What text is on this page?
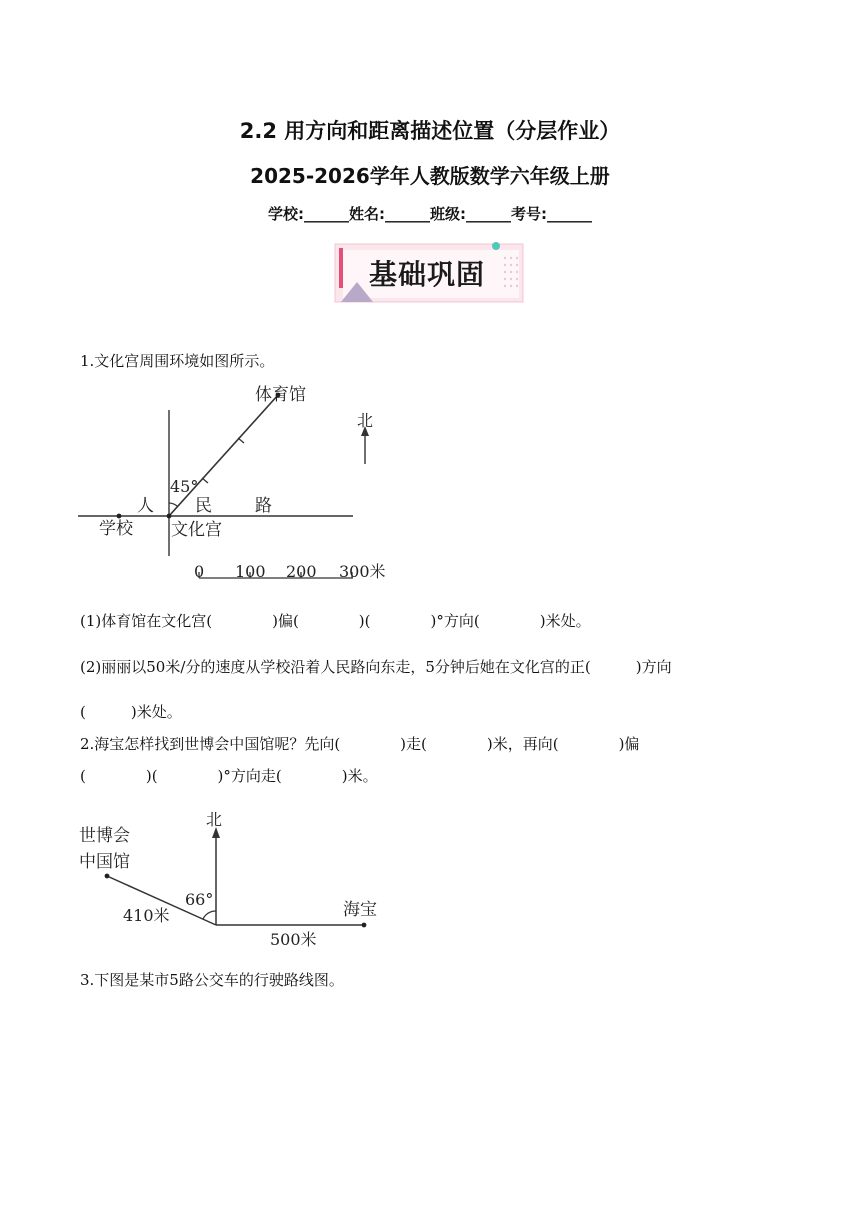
2.2 用方向和距离描述位置（分层作业）
2025-2026学年人教版数学六年级上册
学校:______姓名:______班级:______考号:______
基础巩固
1.文化宫周围环境如图所示。
体育馆
45°
学校 文化宫
人 民	路
北
0 100 200 300米
(1)体育馆在文化宫(　　　　)偏(　　　　)(　　　　)°方向(　　　　)米处。
(2)丽丽以50米/分的速度从学校沿着人民路向东走，5分钟后她在文化宫的正(　　　)方向
(　　　)米处。
2.海宝怎样找到世博会中国馆呢？先向(　　　　)走(　　　　)米，再向(　　　　)偏
(　　　　)(　　　　)°方向走(　　　　)米。
北
世博会
中国馆
66°
410米
500米
海宝
3.下图是某市5路公交车的行驶路线图。
